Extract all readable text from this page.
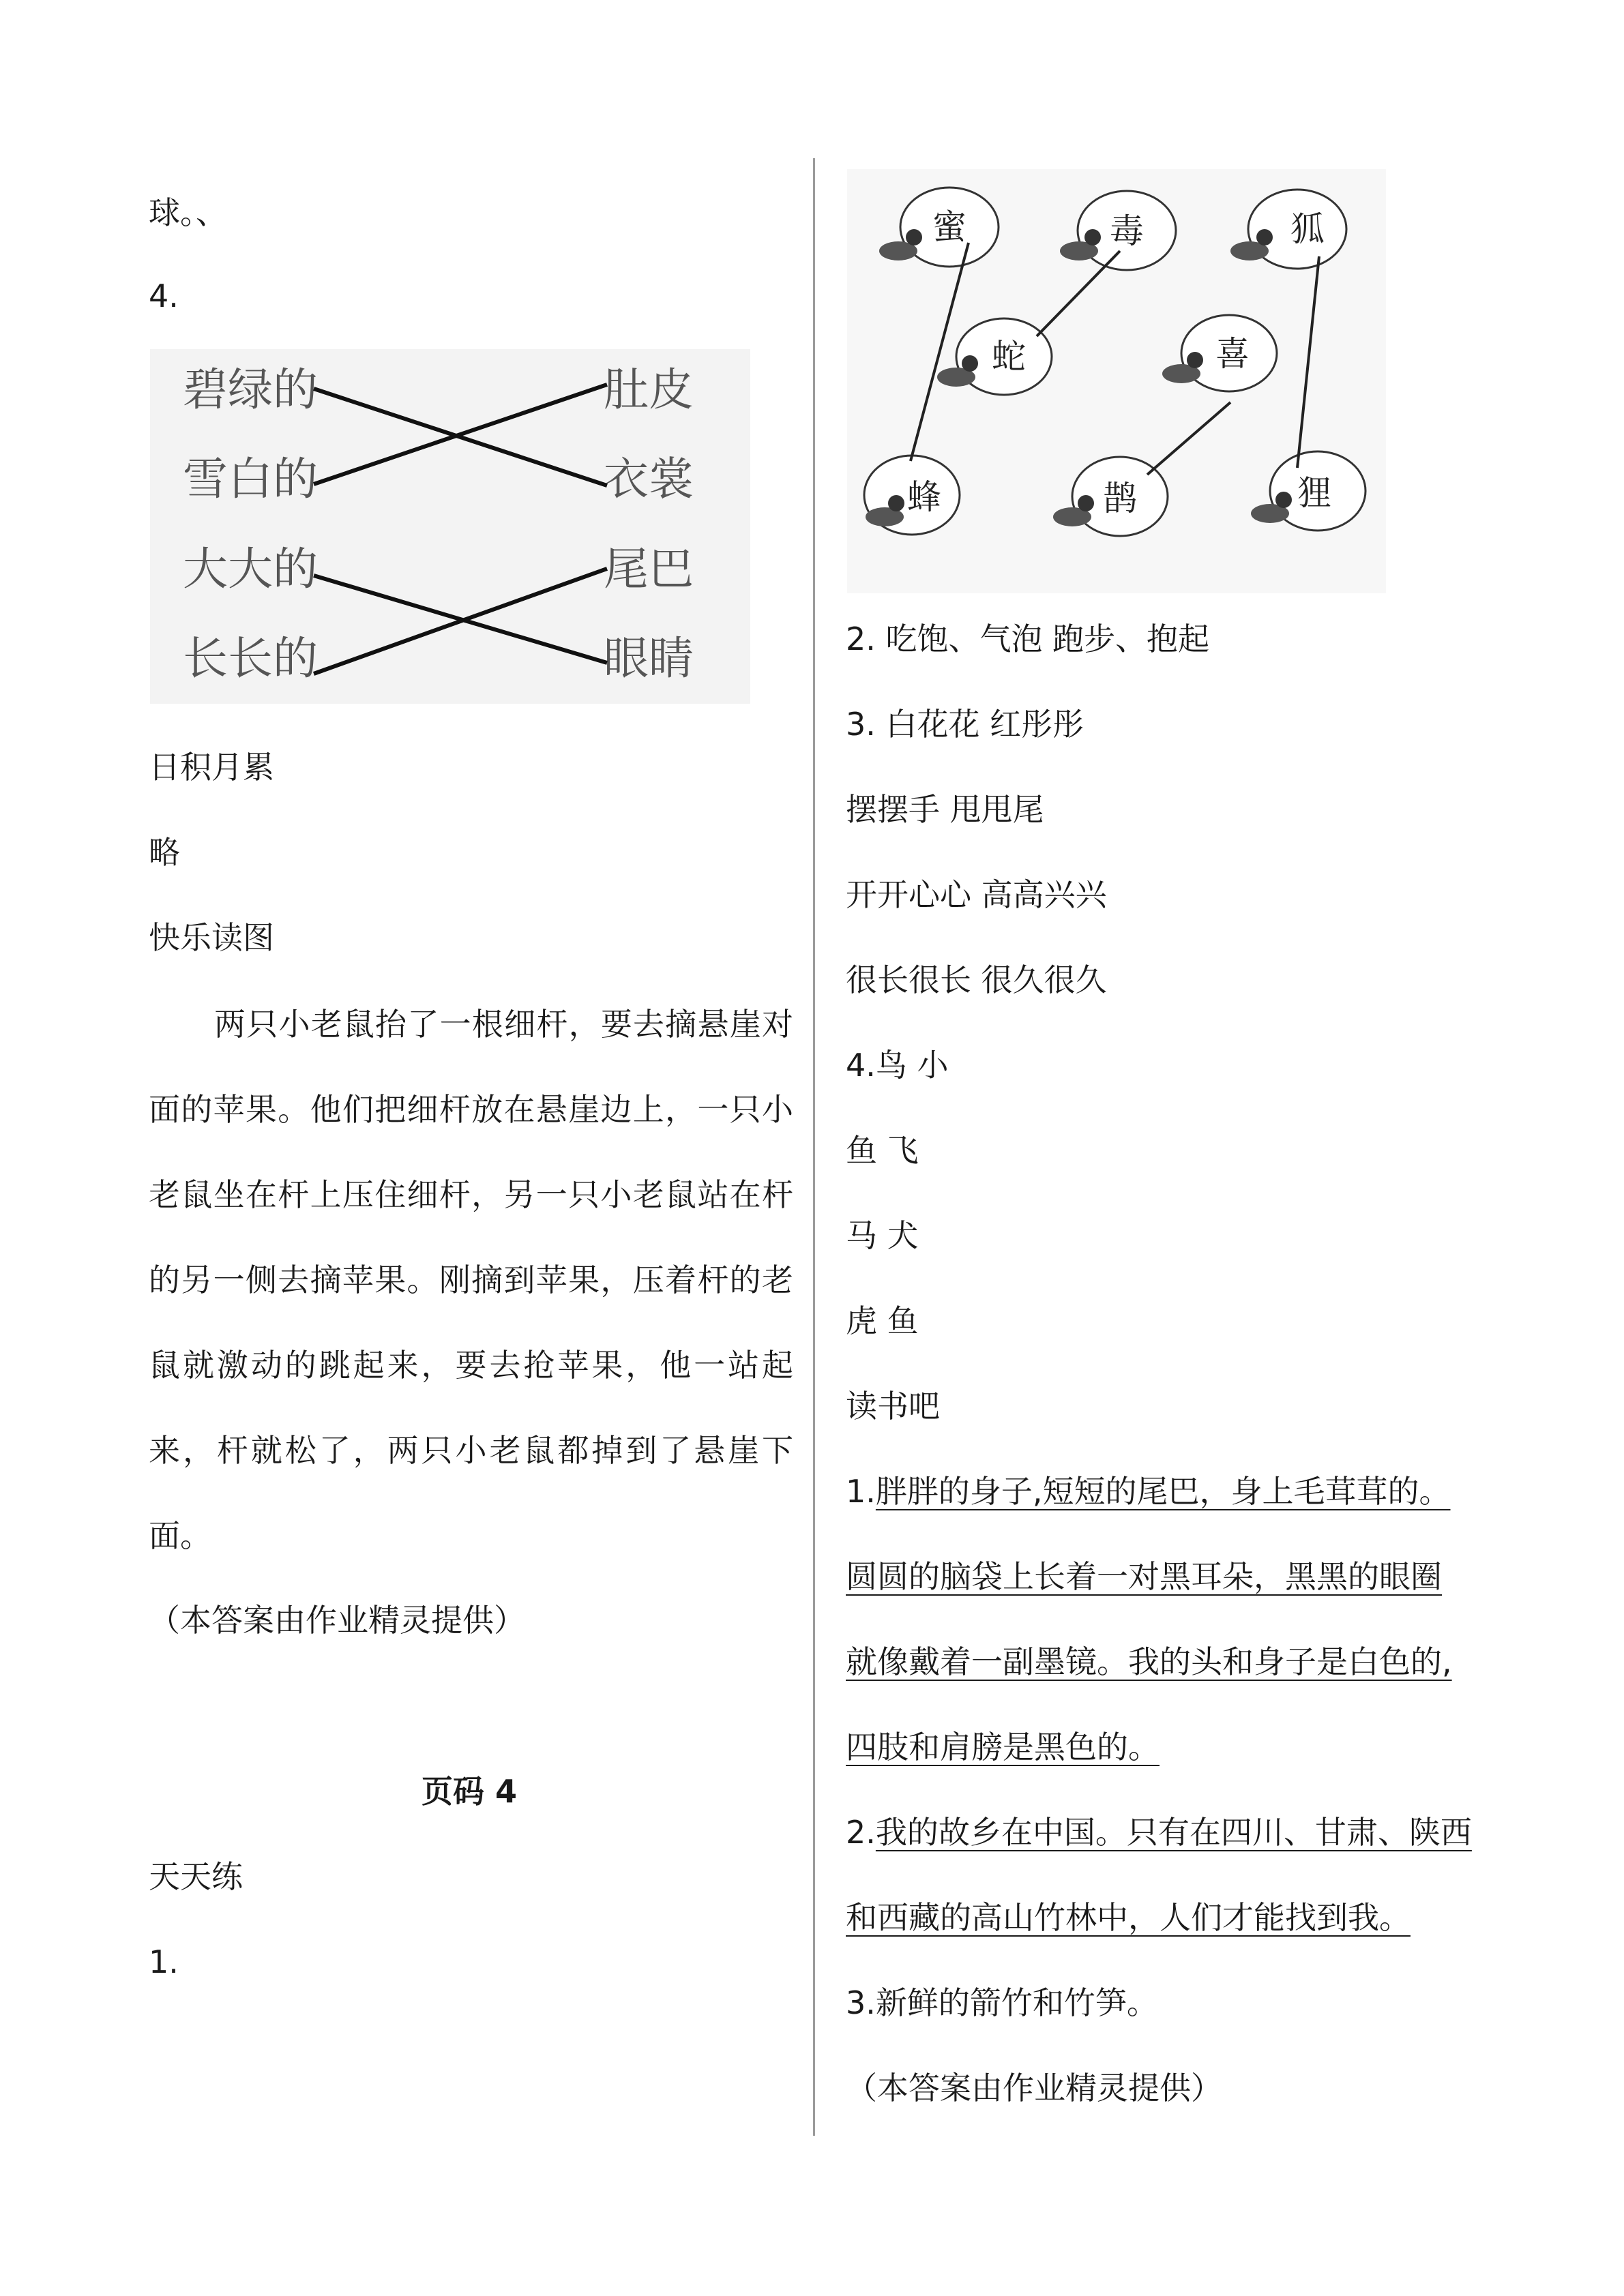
球。、
4.
碧绿的
雪白的
大大的
长长的
肚皮
衣裳
尾巴
眼睛
日积月累
略
快乐读图
两只小老鼠抬了一根细杆，要去摘悬崖对面的苹果。他们把细杆放在悬崖边上，一只小老鼠坐在杆上压住细杆，另一只小老鼠站在杆的另一侧去摘苹果。刚摘到苹果，压着杆的老鼠就激动的跳起来，要去抢苹果，他一站起来，杆就松了，两只小老鼠都掉到了悬崖下面。
（本答案由作业精灵提供）
页码 4
天天练
1.
蜜	毒	狐
蛇	喜
蜂	鹊	狸
2. 吃饱、气泡 跑步、抱起
3. 白花花 红彤彤
摆摆手 甩甩尾
开开心心 高高兴兴
很长很长 很久很久
4.鸟 小
鱼 飞
马 犬
虎 鱼
读书吧
1.胖胖的身子,短短的尾巴，身上毛茸茸的。
圆圆的脑袋上长着一对黑耳朵，黑黑的眼圈
就像戴着一副墨镜。我的头和身子是白色的,
四肢和肩膀是黑色的。
2.我的故乡在中国。只有在四川、甘肃、陕西
和西藏的高山竹林中，人们才能找到我。
3.新鲜的箭竹和竹笋。
（本答案由作业精灵提供）
